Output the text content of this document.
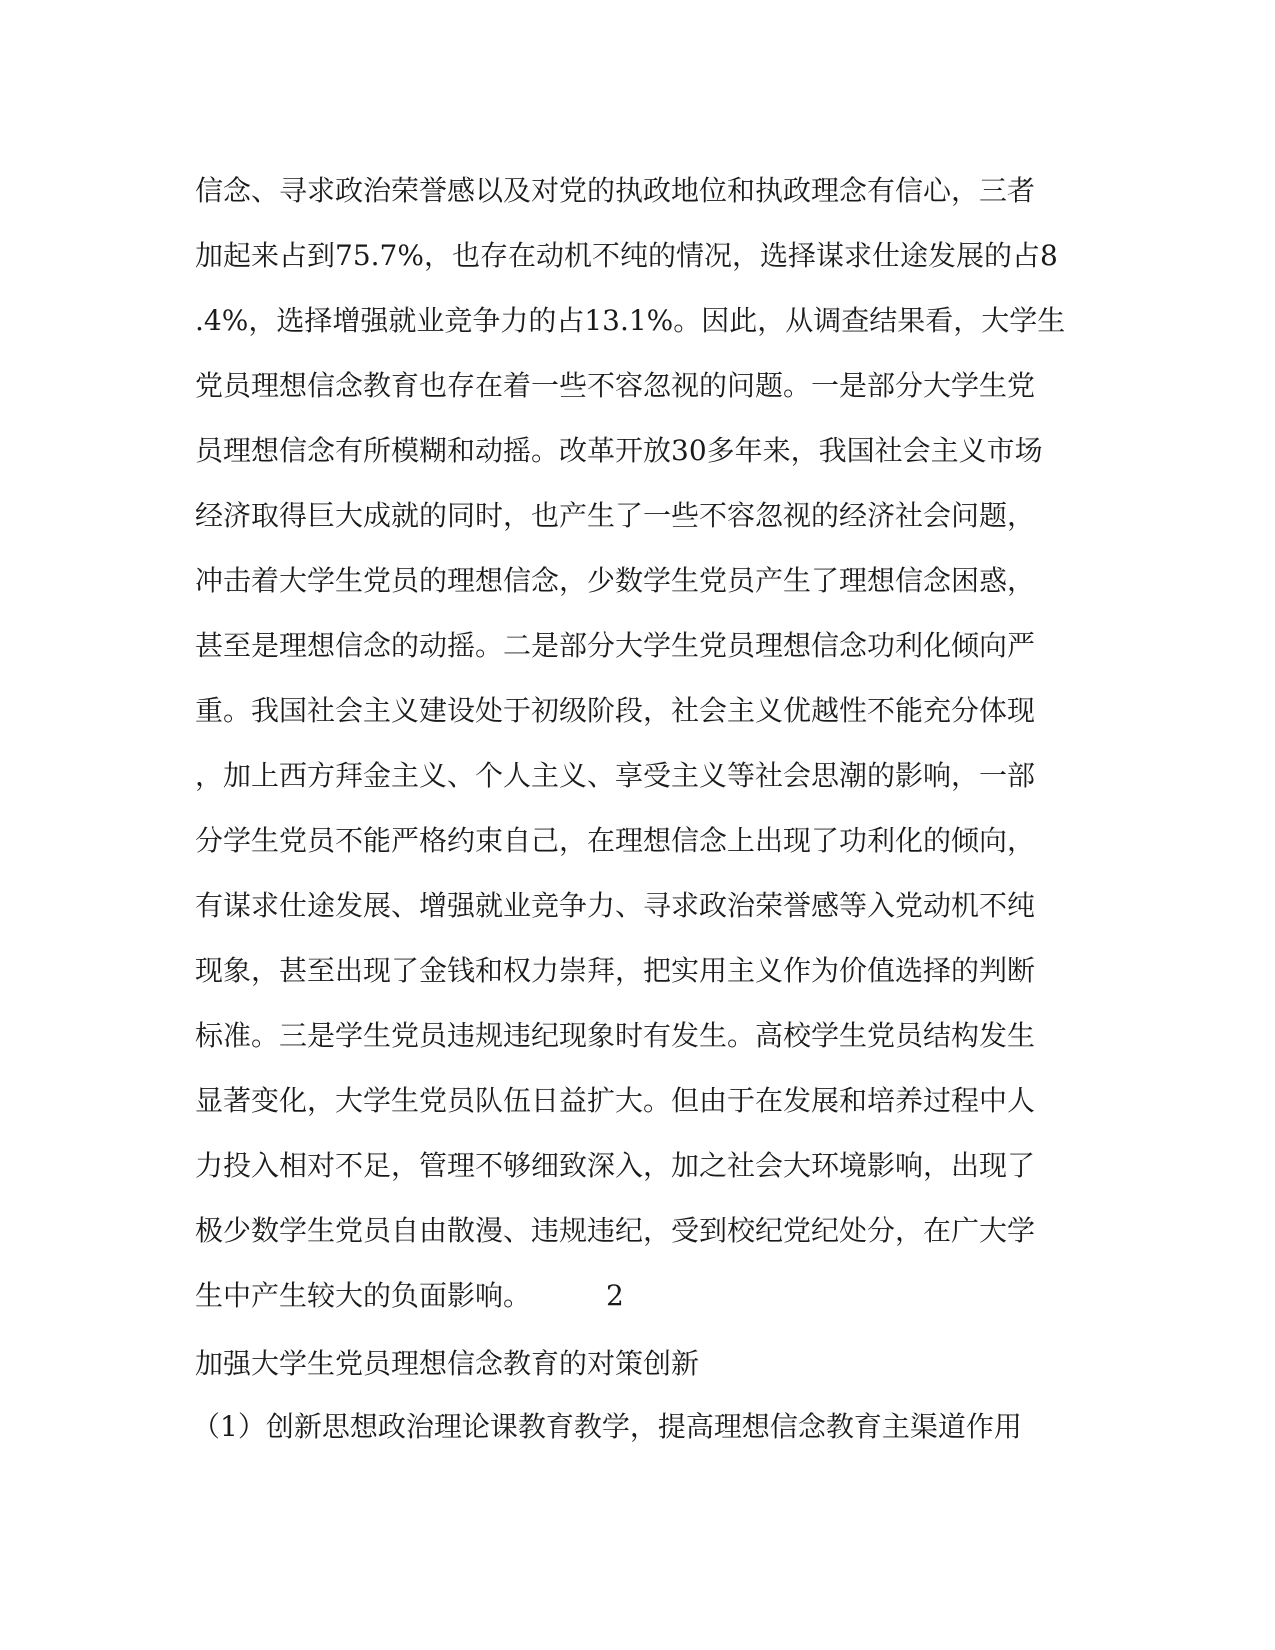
信念、寻求政治荣誉感以及对党的执政地位和执政理念有信心，三者
加起来占到75.7%，也存在动机不纯的情况，选择谋求仕途发展的占8
.4%，选择增强就业竞争力的占13.1%。因此，从调查结果看，大学生
党员理想信念教育也存在着一些不容忽视的问题。一是部分大学生党
员理想信念有所模糊和动摇。改革开放30多年来，我国社会主义市场
经济取得巨大成就的同时，也产生了一些不容忽视的经济社会问题，
冲击着大学生党员的理想信念，少数学生党员产生了理想信念困惑，
甚至是理想信念的动摇。二是部分大学生党员理想信念功利化倾向严
重。我国社会主义建设处于初级阶段，社会主义优越性不能充分体现
，加上西方拜金主义、个人主义、享受主义等社会思潮的影响，一部
分学生党员不能严格约束自己，在理想信念上出现了功利化的倾向，
有谋求仕途发展、增强就业竞争力、寻求政治荣誉感等入党动机不纯
现象，甚至出现了金钱和权力崇拜，把实用主义作为价值选择的判断
标准。三是学生党员违规违纪现象时有发生。高校学生党员结构发生
显著变化，大学生党员队伍日益扩大。但由于在发展和培养过程中人
力投入相对不足，管理不够细致深入，加之社会大环境影响，出现了
极少数学生党员自由散漫、违规违纪，受到校纪党纪处分，在广大学
生中产生较大的负面影响。	2
加强大学生党员理想信念教育的对策创新
（1）创新思想政治理论课教育教学，提高理想信念教育主渠道作用
